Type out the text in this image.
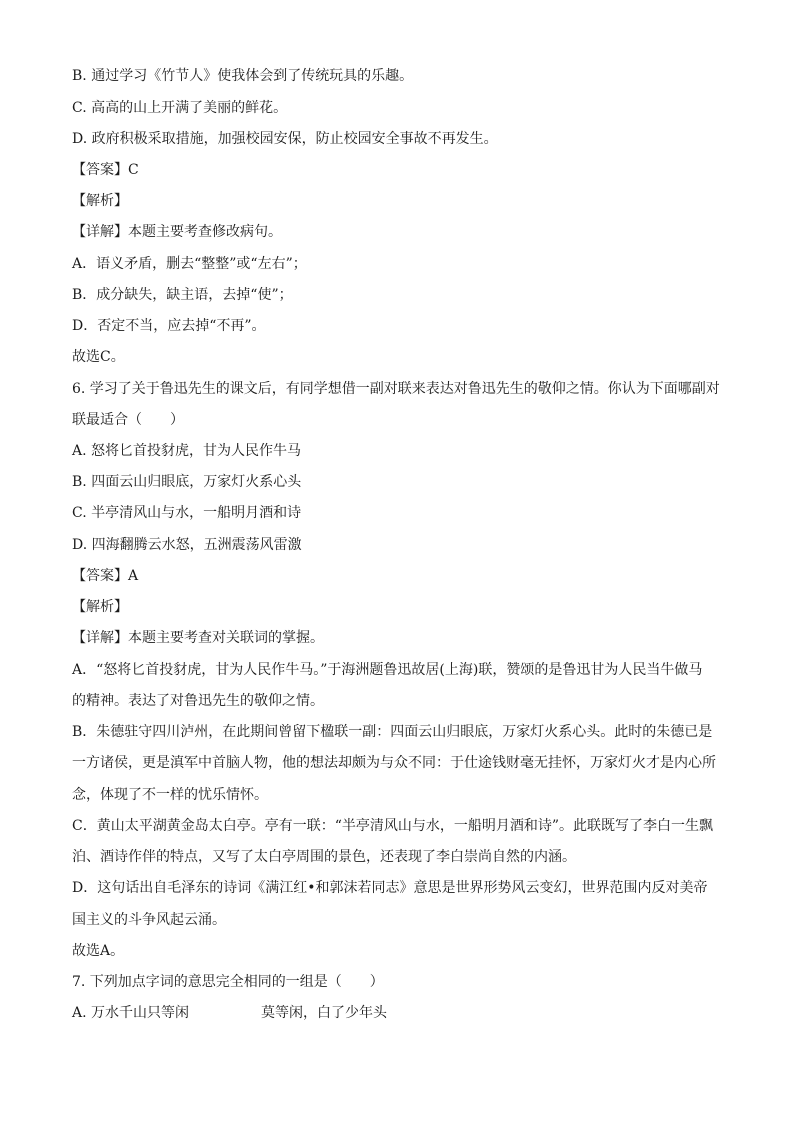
B. 通过学习《竹节人》使我体会到了传统玩具的乐趣。
C. 高高的山上开满了美丽的鲜花。
D. 政府积极采取措施，加强校园安保，防止校园安全事故不再发生。
【答案】C
【解析】
【详解】本题主要考查修改病句。
A．语义矛盾，删去“整整”或“左右”；
B．成分缺失，缺主语，去掉“使”；
D．否定不当，应去掉“不再”。
故选C。
6. 学习了关于鲁迅先生的课文后，有同学想借一副对联来表达对鲁迅先生的敬仰之情。你认为下面哪副对
联最适合（　　）
A. 怒将匕首投豺虎，甘为人民作牛马
B. 四面云山归眼底，万家灯火系心头
C. 半亭清风山与水，一船明月酒和诗
D. 四海翻腾云水怒，五洲震荡风雷激
【答案】A
【解析】
【详解】本题主要考查对关联词的掌握。
A．“怒将匕首投豺虎，甘为人民作牛马。”于海洲题鲁迅故居(上海)联，赞颂的是鲁迅甘为人民当牛做马
的精神。表达了对鲁迅先生的敬仰之情。
B．朱德驻守四川泸州，在此期间曾留下楹联一副：四面云山归眼底，万家灯火系心头。此时的朱德已是
一方诸侯，更是滇军中首脑人物，他的想法却颇为与众不同：于仕途钱财毫无挂怀，万家灯火才是内心所
念，体现了不一样的忧乐情怀。
C．黄山太平湖黄金岛太白亭。亭有一联：“半亭清风山与水，一船明月酒和诗”。此联既写了李白一生飘
泊、酒诗作伴的特点，又写了太白亭周围的景色，还表现了李白崇尚自然的内涵。
D．这句话出自毛泽东的诗词《满江红•和郭沫若同志》意思是世界形势风云变幻，世界范围内反对美帝
国主义的斗争风起云涌。
故选A。
7. 下列加点字词的意思完全相同的一组是（　　）
A. 万水千山只等闲	莫等闲，白了少年头
